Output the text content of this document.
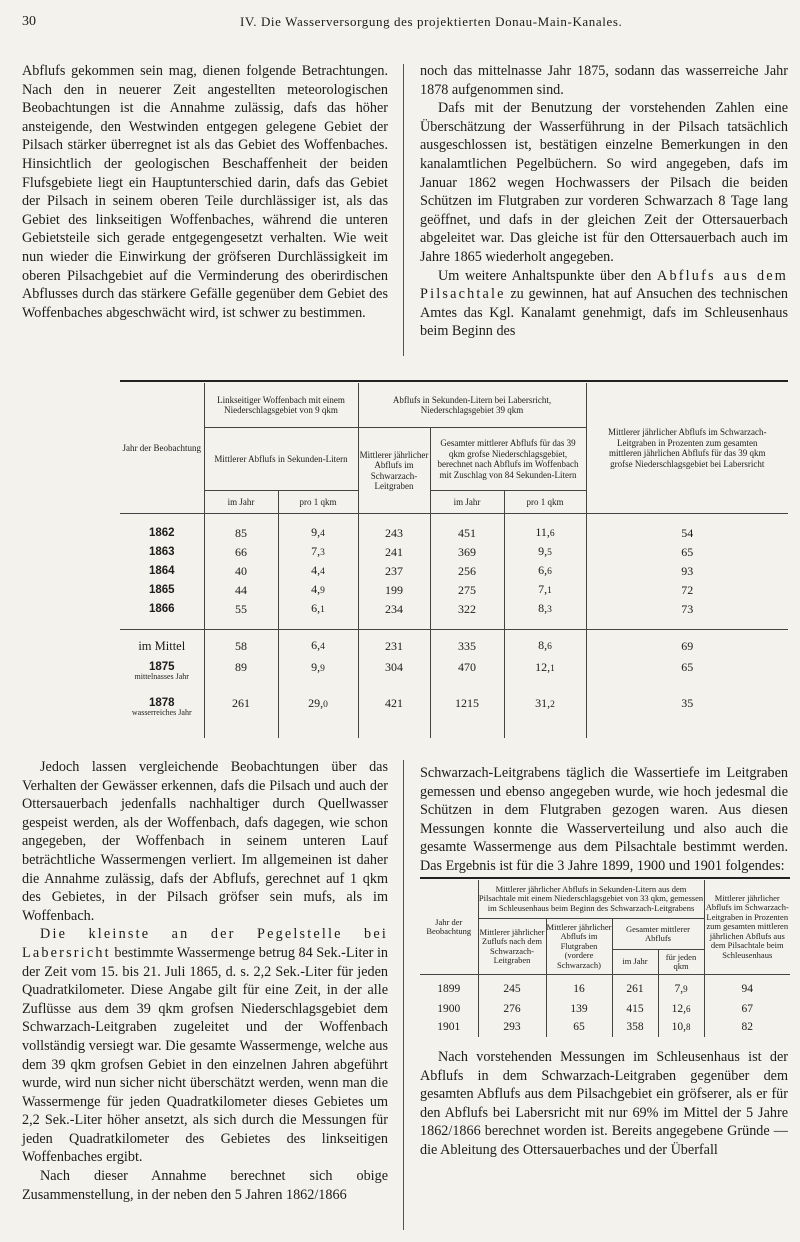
30	IV. Die Wasserversorgung des projektierten Donau-Main-Kanales.

Abflufs gekommen sein mag, dienen folgende Betrachtungen. Nach den in neuerer Zeit angestellten meteorologischen Beobachtungen ist die Annahme zulässig, dafs das höher ansteigende, den Westwinden entgegen gelegene Gebiet der Pilsach stärker überregnet ist als das Gebiet des Woffenbaches. Hinsichtlich der geologischen Beschaffenheit der beiden Flufsgebiete liegt ein Hauptunterschied darin, dafs das Gebiet der Pilsach in seinem oberen Teile durchlässiger ist, als das Gebiet des linkseitigen Woffenbaches, während die unteren Gebietsteile sich gerade entgegengesetzt verhalten. Wie weit nun wieder die Einwirkung der gröfseren Durchlässigkeit im oberen Pilsachgebiet auf die Verminderung des oberirdischen Abflusses durch das stärkere Gefälle gegenüber dem Gebiet des Woffenbaches abgeschwächt wird, ist schwer zu bestimmen.

noch das mittelnasse Jahr 1875, sodann das wasserreiche Jahr 1878 aufgenommen sind.

Dafs mit der Benutzung der vorstehenden Zahlen eine Überschätzung der Wasserführung in der Pilsach tatsächlich ausgeschlossen ist, bestätigen einzelne Bemerkungen in den kanalamtlichen Pegelbüchern. So wird angegeben, dafs im Januar 1862 wegen Hochwassers der Pilsach die beiden Schützen im Flutgraben zur vorderen Schwarzach 8 Tage lang geöffnet, und dafs in der gleichen Zeit der Ottersauerbach abgeleitet war. Das gleiche ist für den Ottersauerbach auch im Jahre 1865 wiederholt angegeben.

Um weitere Anhaltspunkte über den Abflufs aus dem Pilsachtale zu gewinnen, hat auf Ansuchen des technischen Amtes das Kgl. Kanalamt genehmigt, dafs im Schleusenhaus beim Beginn des

Jahr der Beobachtung	Linkseitiger Woffenbach mit einem Niederschlagsgebiet von 9 qkm		Abflufs in Sekunden-Litern bei Labersricht, Niederschlagsgebiet 39 qkm			Mittlerer jährlicher Abflufs im Schwarzach-Leitgraben in Prozenten zum gesamten mittleren jährlichen Abflufs für das 39 qkm grofse Niederschlagsgebiet bei Labersricht
	Mittlerer Abflufs in Sekunden-Litern		Mittlerer jährlicher Abflufs im Schwarzach-Leitgraben	Gesamter mittlerer Abflufs für das 39 qkm grofse Niederschlagsgebiet, berechnet nach Abflufs im Woffenbach mit Zuschlag von 84 Sekunden-Litern		
	im Jahr	pro 1 qkm		im Jahr	pro 1 qkm	

1862	85	9,4	243	451	11,6	54
1863	66	7,3	241	369	9,5	65
1864	40	4,4	237	256	6,6	93
1865	44	4,9	199	275	7,1	72
1866	55	6,1	234	322	8,3	73

im Mittel	58	6,4	231	335	8,6	69
1875
mittelnasses Jahr	89	9,9	304	470	12,1	65
1878
wasserreiches Jahr	261	29,0	421	1215	31,2	35

Jedoch lassen vergleichende Beobachtungen über das Verhalten der Gewässer erkennen, dafs die Pilsach und auch der Ottersauerbach jedenfalls nachhaltiger durch Quellwasser gespeist werden, als der Woffenbach, dafs dagegen, wie schon angegeben, der Woffenbach in seinem unteren Lauf beträchtliche Wassermengen verliert. Im allgemeinen ist daher die Annahme zulässig, dafs der Abflufs, gerechnet auf 1 qkm des Gebietes, in der Pilsach gröfser sein mufs, als im Woffenbach.

Die kleinste an der Pegelstelle bei Labersricht bestimmte Wassermenge betrug 84 Sek.-Liter in der Zeit vom 15. bis 21. Juli 1865, d. s. 2,2 Sek.-Liter für jeden Quadratkilometer. Diese Angabe gilt für eine Zeit, in der alle Zuflüsse aus dem 39 qkm grofsen Niederschlagsgebiet dem Schwarzach-Leitgraben zugeleitet und der Woffenbach vollständig versiegt war. Die gesamte Wassermenge, welche aus dem 39 qkm grofsen Gebiet in den einzelnen Jahren abgeführt wurde, wird nun sicher nicht überschätzt werden, wenn man die Wassermenge für jeden Quadratkilometer dieses Gebietes um 2,2 Sek.-Liter höher ansetzt, als sich durch die Messungen für jeden Quadratkilometer des Gebietes des linkseitigen Woffenbaches ergibt.

Nach dieser Annahme berechnet sich obige Zusammenstellung, in der neben den 5 Jahren 1862/1866

Schwarzach-Leitgrabens täglich die Wassertiefe im Leitgraben gemessen und ebenso angegeben wurde, wie hoch jedesmal die Schützen in dem Flutgraben gezogen waren. Aus diesen Messungen konnte die Wasserverteilung und also auch die gesamte Wassermenge aus dem Pilsachtale bestimmt werden. Das Ergebnis ist für die 3 Jahre 1899, 1900 und 1901 folgendes:

Jahr der Beobachtung	Mittlerer jährlicher Abflufs in Sekunden-Litern aus dem Pilsachtale mit einem Niederschlagsgebiet von 33 qkm, gemessen im Schleusenhaus beim Beginn des Schwarzach-Leitgrabens				Mittlerer jährlicher Abflufs im Schwarzach-Leitgraben in Prozenten zum gesamten mittleren jährlichen Abflufs aus dem Pilsachtale beim Schleusenhaus
	Mittlerer jährlicher Zuflufs nach dem Schwarzach-Leitgraben	Mittlerer jährlicher Abflufs im Flutgraben (vordere Schwarzach)	Gesamter mittlerer Abflufs		
			im Jahr	für jeden qkm	
1899	245	16	261	7,9	94
1900	276	139	415	12,6	67
1901	293	65	358	10,8	82

Nach vorstehenden Messungen im Schleusenhaus ist der Abflufs in dem Schwarzach-Leitgraben gegenüber dem gesamten Abflufs aus dem Pilsachgebiet ein gröfserer, als er für den Abflufs bei Labersricht mit nur 69% im Mittel der 5 Jahre 1862/1866 berechnet worden ist. Bereits angegebene Gründe — die Ableitung des Ottersauerbaches und der Überfall
